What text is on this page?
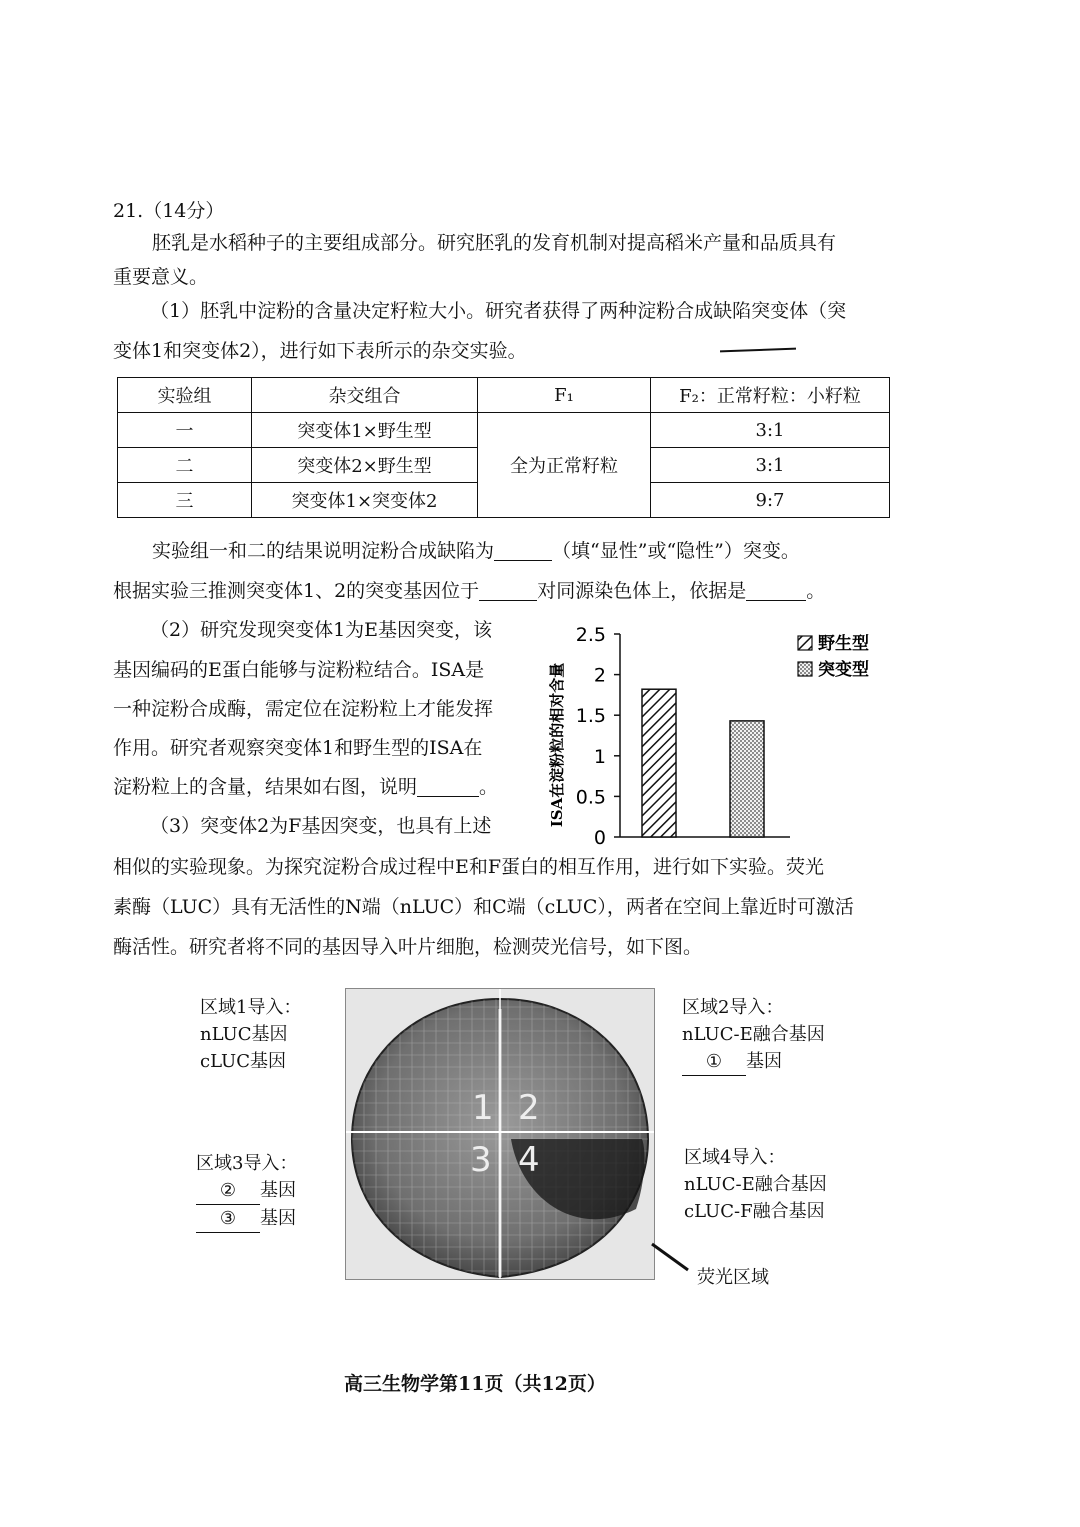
21.（14分）
胚乳是水稻种子的主要组成部分。研究胚乳的发育机制对提高稻米产量和品质具有
重要意义。
（1）胚乳中淀粉的含量决定籽粒大小。研究者获得了两种淀粉合成缺陷突变体（突
变体1和突变体2），进行如下表所示的杂交实验。
实验组	杂交组合	F₁	F₂：正常籽粒：小籽粒
一	突变体1×野生型	全为正常籽粒	3:1
二	突变体2×野生型		3:1
三	突变体1×突变体2		9:7
实验组一和二的结果说明淀粉合成缺陷为	（填“显性”或“隐性”）突变。
根据实验三推测突变体1、2的突变基因位于	对同源染色体上，依据是	。
（2）研究发现突变体1为E基因突变，该
基因编码的E蛋白能够与淀粉粒结合。ISA是
一种淀粉合成酶，需定位在淀粉粒上才能发挥
作用。研究者观察突变体1和野生型的ISA在
淀粉粒上的含量，结果如右图，说明	。	ISA在淀粉粒的相对含量
0
0.5
1
1.5
2
2.5	野生型
突变型
（3）突变体2为F基因突变，也具有上述
相似的实验现象。为探究淀粉合成过程中E和F蛋白的相互作用，进行如下实验。荧光
素酶（LUC）具有无活性的N端（nLUC）和C端（cLUC），两者在空间上靠近时可激活
酶活性。研究者将不同的基因导入叶片细胞，检测荧光信号，如下图。
1 2
3 4
区域1导入：
nLUC基因
cLUC基因
区域2导入：
nLUC-E融合基因
① 基因
区域3导入：
② 基因
③ 基因
区域4导入：
nLUC-E融合基因
cLUC-F融合基因
荧光区域
高三生物学第11页（共12页）
